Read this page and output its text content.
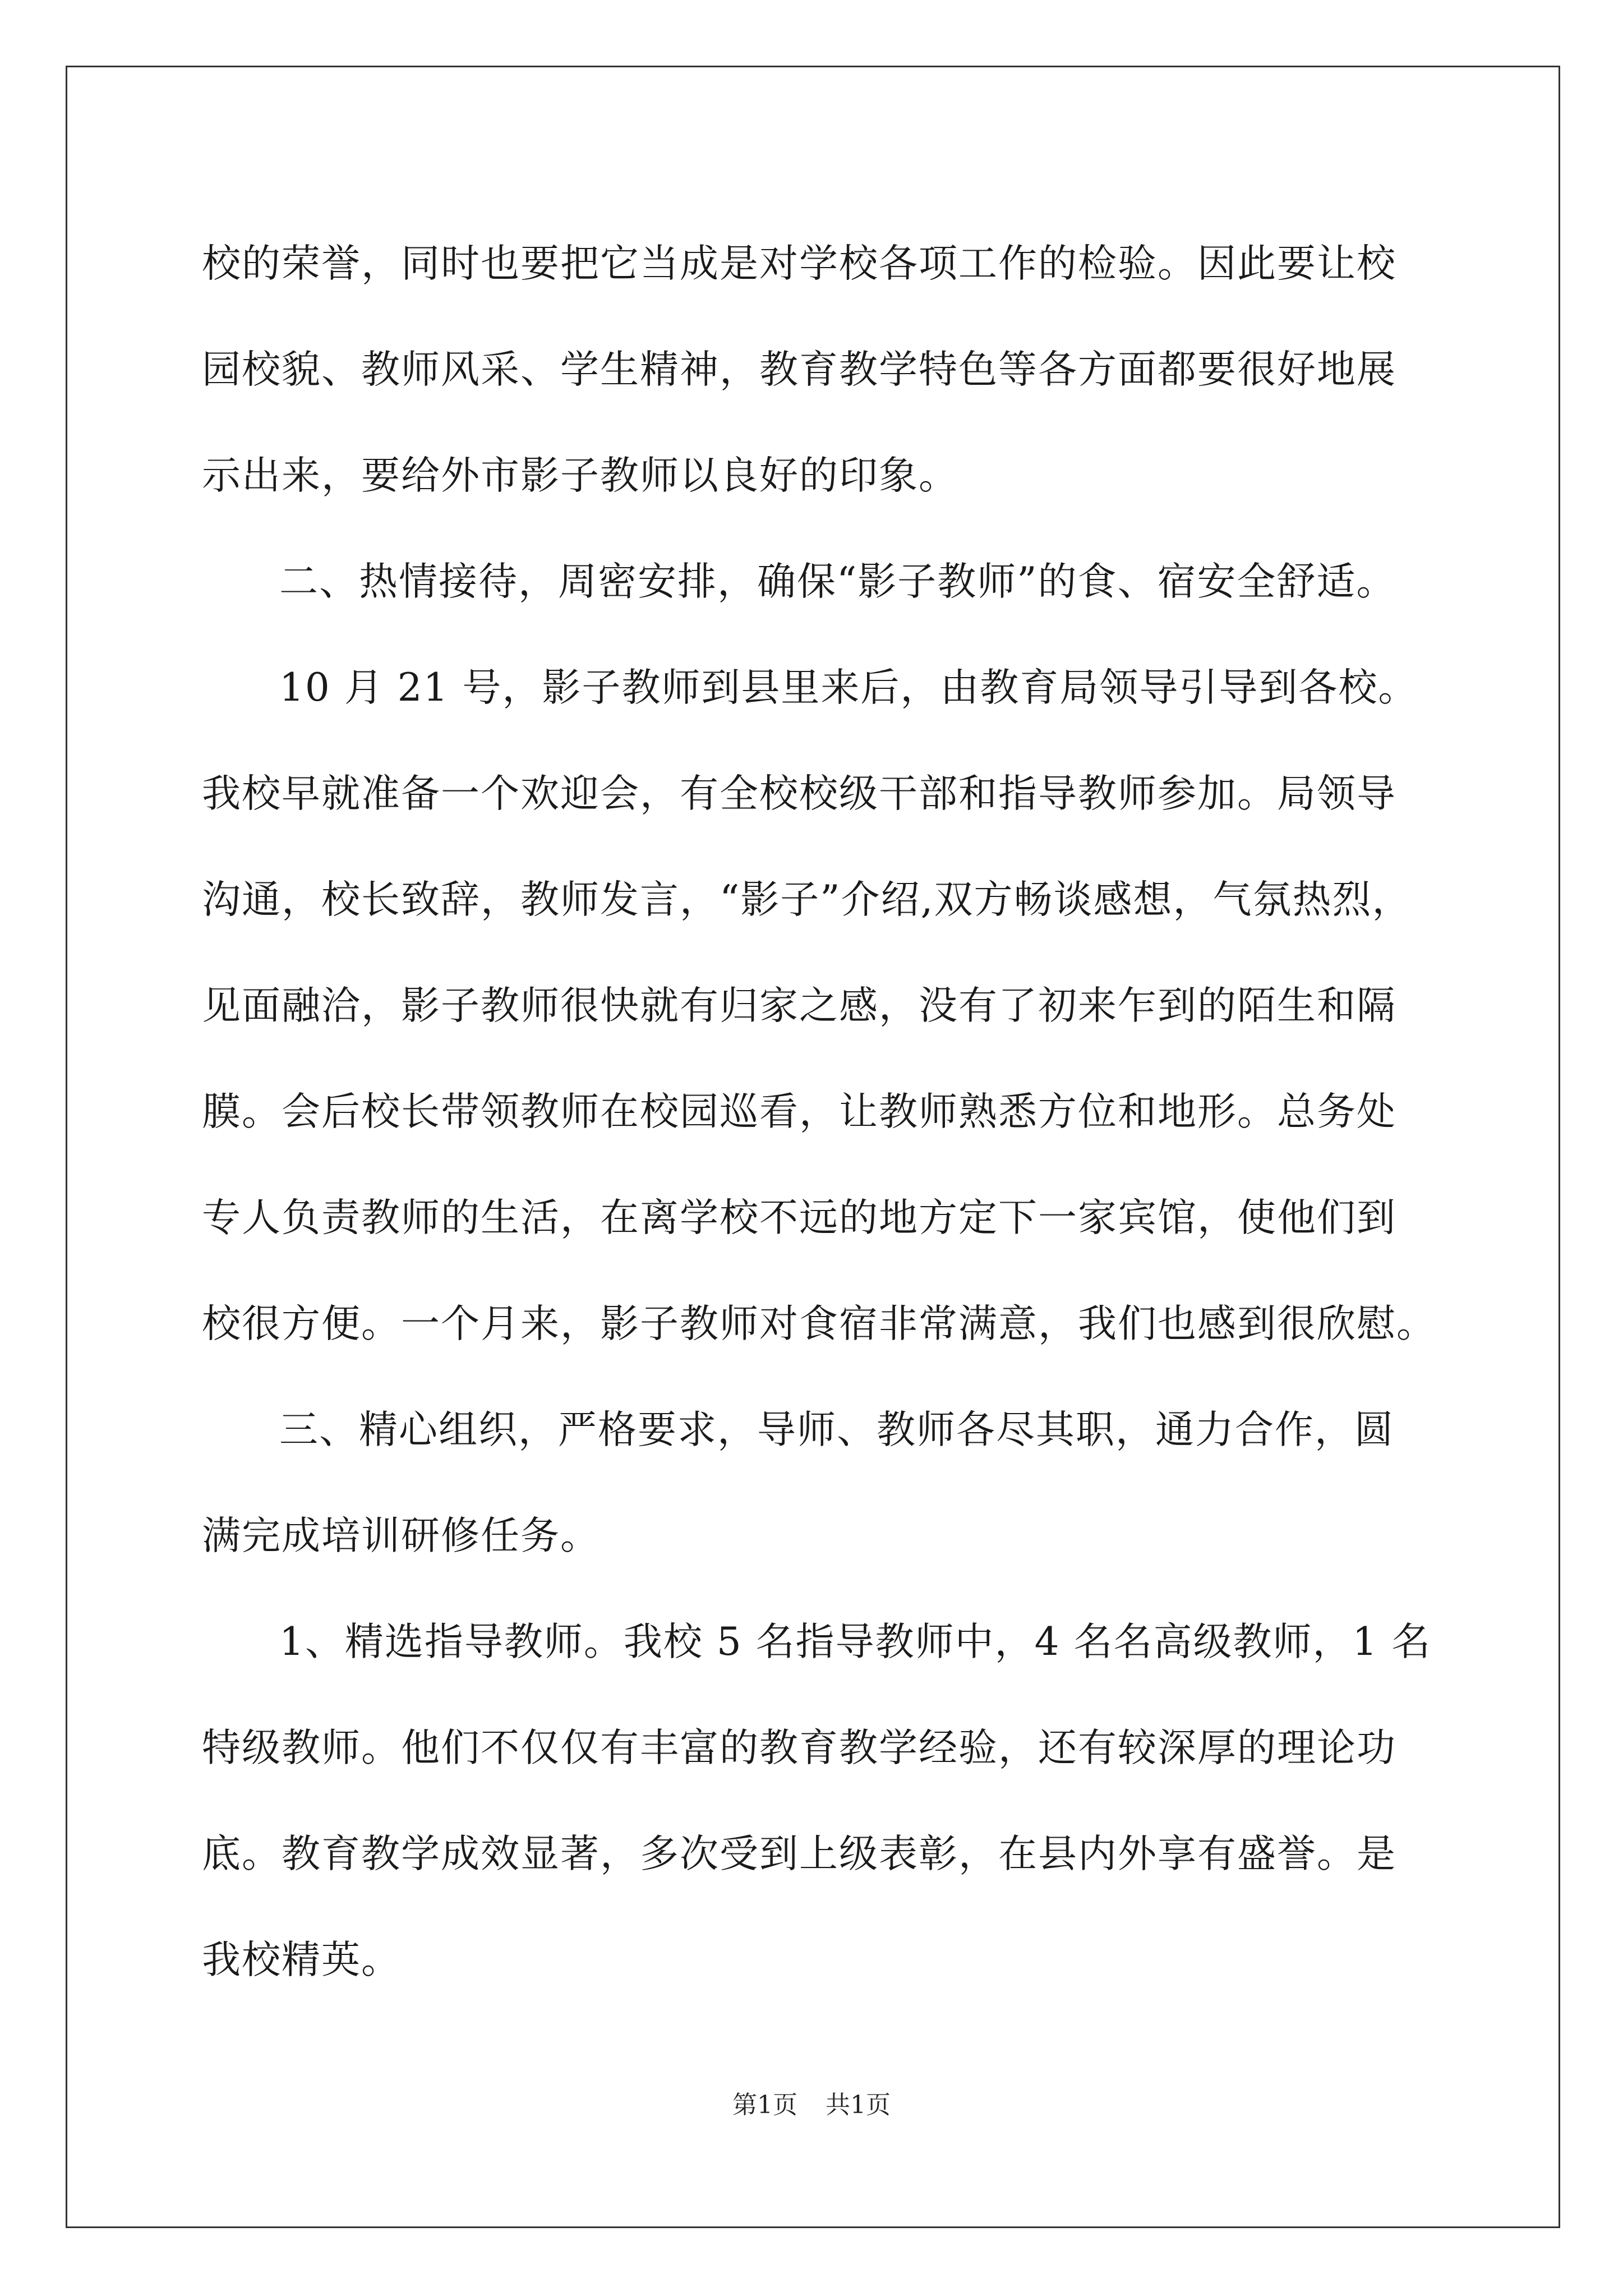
校的荣誉，同时也要把它当成是对学校各项工作的检验。因此要让校
园校貌、教师风采、学生精神，教育教学特色等各方面都要很好地展
示出来，要给外市影子教师以良好的印象。
二、热情接待，周密安排，确保“影子教师”的食、宿安全舒适。
10 月 21 号，影子教师到县里来后，由教育局领导引导到各校。
我校早就准备一个欢迎会，有全校校级干部和指导教师参加。局领导
沟通，校长致辞，教师发言，“影子”介绍,双方畅谈感想，气氛热烈，
见面融洽，影子教师很快就有归家之感，没有了初来乍到的陌生和隔
膜。会后校长带领教师在校园巡看，让教师熟悉方位和地形。总务处
专人负责教师的生活，在离学校不远的地方定下一家宾馆，使他们到
校很方便。一个月来，影子教师对食宿非常满意，我们也感到很欣慰。
三、精心组织，严格要求，导师、教师各尽其职，通力合作，圆
满完成培训研修任务。
1、精选指导教师。我校 5 名指导教师中，4 名名高级教师，1 名
特级教师。他们不仅仅有丰富的教育教学经验，还有较深厚的理论功
底。教育教学成效显著，多次受到上级表彰，在县内外享有盛誉。是
我校精英。
第1页 共1页
